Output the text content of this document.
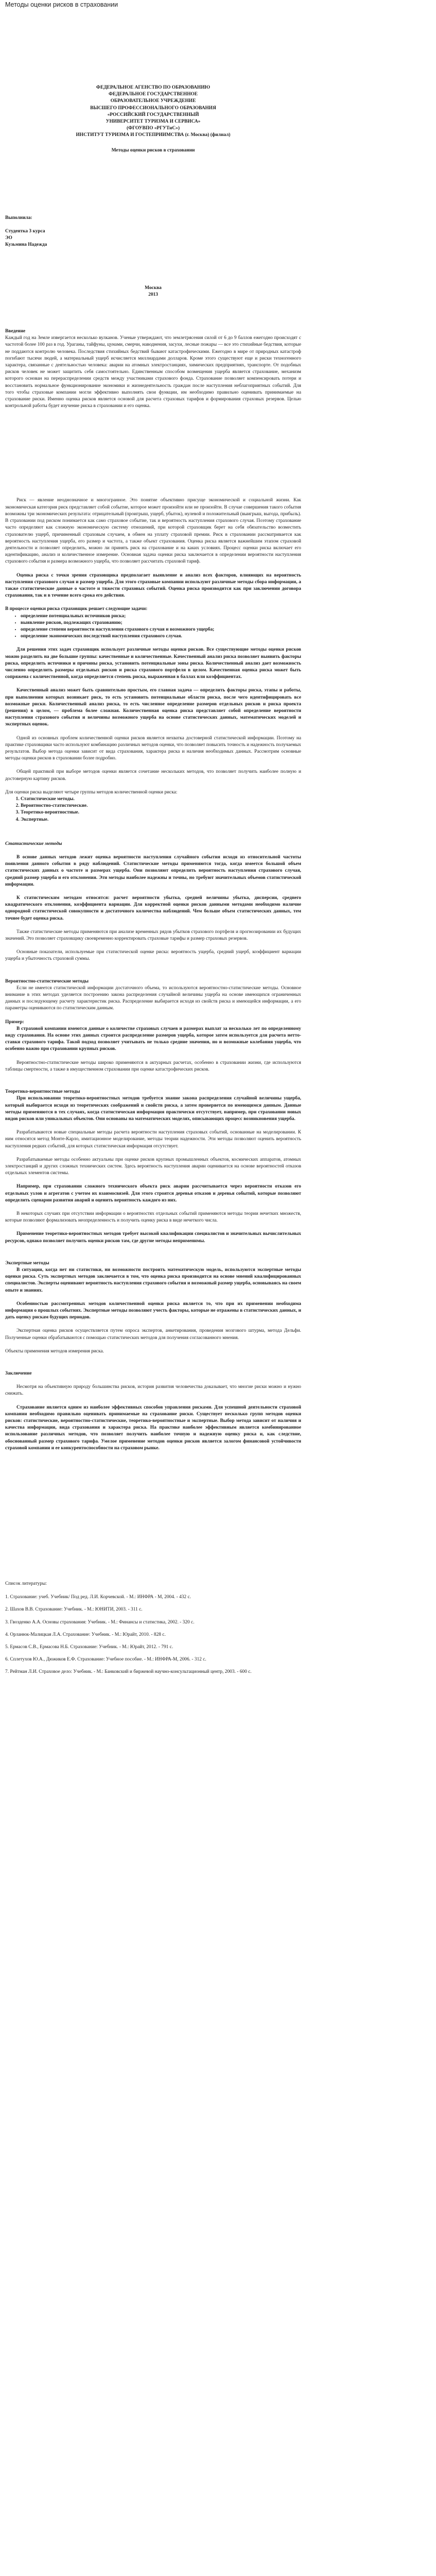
Методы оценки рисков в страховании

ФЕДЕРАЛЬНОЕ АГЕНСТВО ПО ОБРАЗОВАНИЮ

ФЕДЕРАЛЬНОЕ ГОСУДАРСТВЕННОЕ

ОБРАЗОВАТЕЛЬНОЕ УЧРЕЖДЕНИЕ

ВЫСШЕГО ПРОФЕССИОНАЛЬНОГО ОБРАЗОВАНИЯ

«РОССИЙСКИЙ ГОСУДАРСТВЕННЫЙ

УНИВЕРСИТЕТ ТУРИЗМА И СЕРВИСА»

(ФГОУВПО «РГУТиС»)

ИНСТИТУТ ТУРИЗМА И ГОСТЕПРИИМСТВА (г. Москва) (филиал)

Методы оценки рисков в страховании

Выполнила:

Студентка 3 курса

ЭО

Кузьмина Надежда

Москва

2013

Введение

Каждый год на Земле извергается несколько вулканов. Ученые утверждают, что землетрясения силой от 6 до 9 баллов ежегодно происходят с частотой более 100 раз в год. Ураганы, тайфуны, цунами, смерчи, наводнения, засухи, лесные пожары — все это стихийные бедствия, которые не поддаются контролю человека. Последствия стихийных бедствий бывают катастрофическими. Ежегодно в мире от природных катастроф погибают тысячи людей, а материальный ущерб исчисляется миллиардами долларов. Кроме этого существуют еще и риски техногенного характера, связанные с деятельностью человека: аварии на атомных электростанциях, химических предприятиях, транспорте. От подобных рисков человек не может защитить себя самостоятельно. Единственным способом возмещения ущерба является страхование, механизм которого основан на перераспределении средств между участниками страхового фонда. Страхование позволяет компенсировать потери и восстановить нормальное функционирование экономики и жизнедеятельность граждан после наступления неблагоприятных событий. Для того чтобы страховые компании могли эффективно выполнять свои функции, им необходимо правильно оценивать принимаемые на страхование риски. Именно оценка рисков является основой для расчета страховых тарифов и формирования страховых резервов. Целью контрольной работы будет изучение риска в страховании и его оценка.

Риск — явление неоднозначное и многогранное. Это понятие объективно присуще экономической и социальной жизни. Как экономическая категория риск представляет собой событие, которое может произойти или не произойти. В случае совершения такого события возможны три экономических результата: отрицательный (проигрыш, ущерб, убыток), нулевой и положительный (выигрыш, выгода, прибыль). В страховании под риском понимается как само страховое событие, так и вероятность наступления страхового случая. Поэтому страхование часто определяют как сложную экономическую систему отношений, при которой страховщик берет на себя обязательство возместить страхователю ущерб, причиненный страховым случаем, в обмен на уплату страховой премии. Риск в страховании рассматривается как вероятность наступления ущерба, его размер и частота, а также объект страхования. Оценка риска является важнейшим этапом страховой деятельности и позволяет определить, можно ли принять риск на страхование и на каких условиях. Процесс оценки риска включает его идентификацию, анализ и количественное измерение. Основная задача оценки риска заключается в определении вероятности наступления страхового события и размера возможного ущерба, что позволяет рассчитать страховой тариф.

Оценка риска с точки зрения страховщика предполагает выявление и анализ всех факторов, влияющих на вероятность наступления страхового случая и размер ущерба. Для этого страховые компании используют различные методы сбора информации, а также статистические данные о частоте и тяжести страховых событий. Оценка риска производится как при заключении договора страхования, так и в течение всего срока его действия.

В процессе оценки риска страховщик решает следующие задачи:

• определение потенциальных источников риска;
• выявление рисков, подлежащих страхованию;
• определение степени вероятности наступления страхового случая и возможного ущерба;
• определение экономических последствий наступления страхового случая.

Для решения этих задач страховщик использует различные методы оценки рисков. Все существующие методы оценки рисков можно разделить на две большие группы: качественные и количественные. Качественный анализ риска позволяет выявить факторы риска, определить источники и причины риска, установить потенциальные зоны риска. Количественный анализ дает возможность численно определить размеры отдельных рисков и риска страхового портфеля в целом. Качественная оценка риска может быть сопряжена с количественной, когда определяется степень риска, выраженная в баллах или коэффициентах.

Качественный анализ может быть сравнительно простым, его главная задача — определить факторы риска, этапы и работы, при выполнении которых возникает риск, то есть установить потенциальные области риска, после чего идентифицировать все возможные риски. Количественный анализ риска, то есть численное определение размеров отдельных рисков и риска проекта (решения) в целом, — проблема более сложная. Количественная оценка риска представляет собой определение вероятности наступления страхового события и величины возможного ущерба на основе статистических данных, математических моделей и экспертных оценок.

Одной из основных проблем количественной оценки рисков является нехватка достоверной статистической информации. Поэтому на практике страховщики часто используют комбинацию различных методов оценки, что позволяет повысить точность и надежность получаемых результатов. Выбор метода оценки зависит от вида страхования, характера риска и наличия необходимых данных. Рассмотрим основные методы оценки рисков в страховании более подробно.

Общей практикой при выборе методов оценки является сочетание нескольких методов, что позволяет получить наиболее полную и достоверную картину рисков.

Для оценки риска выделяют четыре группы методов количественной оценки риска:

1. Статистические методы.
2. Вероятностно-статистические.
3. Теоретико-вероятностные.
4. Экспертные.

Статистические методы

В основе данных методов лежит оценка вероятности наступления случайного события исходя из относительной частоты появления данного события в ряду наблюдений. Статистические методы применяются тогда, когда имеется большой объем статистических данных о частоте и размерах ущерба. Они позволяют определить вероятность наступления страхового случая, средний размер ущерба и его отклонения. Эти методы наиболее надежны и точны, но требуют значительных объемов статистической информации.

К статистическим методам относятся: расчет вероятности убытка, средней величины убытка, дисперсии, среднего квадратического отклонения, коэффициента вариации. Для корректной оценки рисков данными методами необходимо наличие однородной статистической совокупности и достаточного количества наблюдений. Чем больше объем статистических данных, тем точнее будет оценка риска.

Также статистические методы применяются при анализе временных рядов убытков страхового портфеля и прогнозировании их будущих значений. Это позволяет страховщику своевременно корректировать страховые тарифы и размер страховых резервов.

Основные показатели, используемые при статистической оценке риска: вероятность ущерба, средний ущерб, коэффициент вариации ущерба и убыточность страховой суммы.

Вероятностно-статистические методы

Если не имеется статистической информации достаточного объема, то используются вероятностно-статистические методы. Основное внимание в этих методах уделяется построению закона распределения случайной величины ущерба на основе имеющихся ограниченных данных и последующему расчету характеристик риска. Распределение выбирается исходя из свойств риска и имеющейся информации, а его параметры оцениваются по статистическим данным.

Пример:

В страховой компании имеются данные о количестве страховых случаев и размерах выплат за несколько лет по определенному виду страхования. На основе этих данных строится распределение размеров ущерба, которое затем используется для расчета нетто-ставки страхового тарифа. Такой подход позволяет учитывать не только средние значения, но и возможные колебания ущерба, что особенно важно при страховании крупных рисков.

Вероятностно-статистические методы широко применяются в актуарных расчетах, особенно в страховании жизни, где используются таблицы смертности, а также в имущественном страховании при оценке катастрофических рисков.

Теоретико-вероятностные методы

При использовании теоретико-вероятностных методов требуется знание закона распределения случайной величины ущерба, который выбирается исходя из теоретических соображений и свойств риска, а затем проверяется по имеющимся данным. Данные методы применяются в тех случаях, когда статистическая информация практически отсутствует, например, при страховании новых видов рисков или уникальных объектов. Они основаны на математических моделях, описывающих процесс возникновения ущерба.

Разрабатываются новые специальные методы расчета вероятности наступления страховых событий, основанные на моделировании. К ним относятся метод Монте-Карло, имитационное моделирование, методы теории надежности. Эти методы позволяют оценить вероятность наступления редких событий, для которых статистическая информация отсутствует.

Разрабатываемые методы особенно актуальны при оценке рисков крупных промышленных объектов, космических аппаратов, атомных электростанций и других сложных технических систем. Здесь вероятность наступления аварии оценивается на основе вероятностей отказов отдельных элементов системы.

Например, при страховании сложного технического объекта риск аварии рассчитывается через вероятности отказов его отдельных узлов и агрегатов с учетом их взаимосвязей. Для этого строятся деревья отказов и деревья событий, которые позволяют определить сценарии развития аварий и оценить вероятность каждого из них.

В некоторых случаях при отсутствии информации о вероятностях отдельных событий применяются методы теории нечетких множеств, которые позволяют формализовать неопределенность и получить оценку риска в виде нечеткого числа.

Применение теоретико-вероятностных методов требует высокой квалификации специалистов и значительных вычислительных ресурсов, однако позволяет получить оценки рисков там, где другие методы неприменимы.

Экспертные методы

В ситуации, когда нет ни статистики, ни возможности построить математическую модель, используются экспертные методы оценки риска. Суть экспертных методов заключается в том, что оценка риска производится на основе мнений квалифицированных специалистов. Эксперты оценивают вероятность наступления страхового события и возможный размер ущерба, основываясь на своем опыте и знаниях.

Особенностью рассмотренных методов количественной оценки риска является то, что при их применении необходима информация о прошлых событиях. Экспертные методы позволяют учесть факторы, которые не отражены в статистических данных, и дать оценку рискам будущих периодов.

Экспертная оценка рисков осуществляется путем опроса экспертов, анкетирования, проведения мозгового штурма, метода Дельфи. Полученные оценки обрабатываются с помощью статистических методов для получения согласованного мнения.

Объекты применения методов измерения риска.

Заключение

Несмотря на объективную природу большинства рисков, история развития человечества доказывает, что многие риски можно и нужно снижать.

Страхование является одним из наиболее эффективных способов управления рисками. Для успешной деятельности страховой компании необходимо правильно оценивать принимаемые на страхование риски. Существует несколько групп методов оценки рисков: статистические, вероятностно-статистические, теоретико-вероятностные и экспертные. Выбор метода зависит от наличия и качества информации, вида страхования и характера риска. На практике наиболее эффективным является комбинированное использование различных методов, что позволяет получить наиболее точную и надежную оценку риска и, как следствие, обоснованный размер страхового тарифа. Умелое применение методов оценки рисков является залогом финансовой устойчивости страховой компании и ее конкурентоспособности на страховом рынке.

Список литературы:

1. Страхование: учеб. Учебник/ Под ред. Л.И. Корчевской. - М.: ИНФРА - М, 2004. - 432 с.
2. Шахов В.В. Страхование: Учебник. - М.: ЮНИТИ, 2003. - 311 с.
3. Гвозденко А.А. Основы страхования: Учебник. - М.: Финансы и статистика, 2002. - 320 с.
4. Орланюк-Малицкая Л.А. Страхование: Учебник. - М.: Юрайт, 2010. - 828 с.
5. Ермасов С.В., Ермасова Н.Б. Страхование: Учебник. - М.: Юрайт, 2012. - 791 с.
6. Сплетухов Ю.А., Дюжиков Е.Ф. Страхование: Учебное пособие. - М.: ИНФРА-М, 2006. - 312 с.
7. Рейтман Л.И. Страховое дело: Учебник. - М.: Банковский и биржевой научно-консультационный центр, 2003. - 600 с.
